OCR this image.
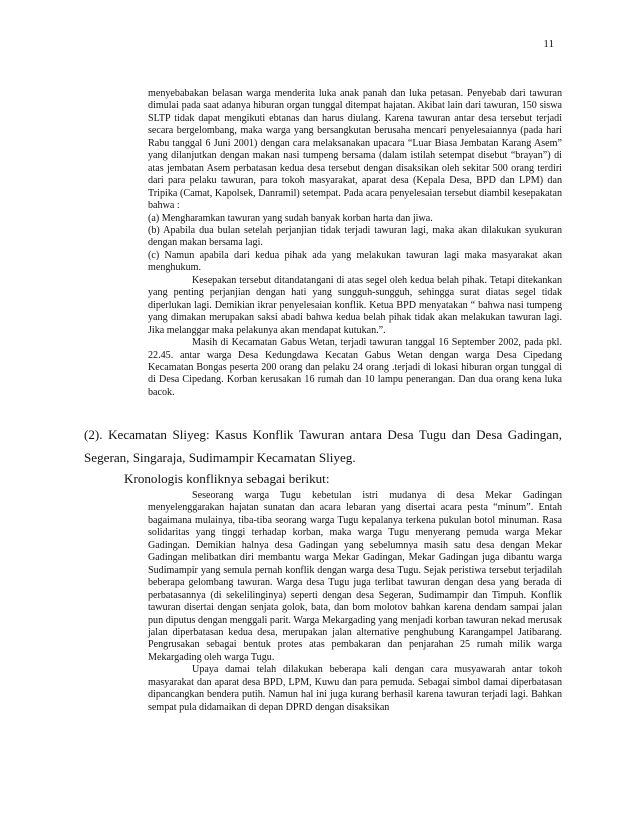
11

menyebabakan belasan warga menderita luka anak panah dan luka petasan. Penyebab dari tawuran dimulai pada saat adanya hiburan organ tunggal ditempat hajatan. Akibat lain dari tawuran, 150 siswa SLTP tidak dapat mengikuti ebtanas dan harus diulang. Karena tawuran antar desa tersebut terjadi secara bergelombang, maka warga yang bersangkutan berusaha mencari penyelesaiannya (pada hari Rabu tanggal 6 Juni 2001) dengan cara melaksanakan upacara “Luar Biasa Jembatan Karang Asem” yang dilanjutkan dengan makan nasi tumpeng bersama (dalam istilah setempat disebut “brayan”) di atas jembatan Asem perbatasan kedua desa tersebut dengan disaksikan oleh sekitar 500 orang terdiri dari para pelaku tawuran, para tokoh masyarakat, aparat desa (Kepala Desa, BPD dan LPM) dan Tripika (Camat, Kapolsek, Danramil) setempat. Pada acara penyelesaian tersebut diambil kesepakatan bahwa :

(a) Mengharamkan tawuran yang sudah banyak korban harta dan jiwa.

(b) Apabila dua bulan setelah perjanjian tidak terjadi tawuran lagi, maka akan dilakukan syukuran dengan makan bersama lagi.

(c) Namun apabila dari kedua pihak ada yang melakukan tawuran lagi maka masyarakat akan menghukum.

Kesepakan tersebut ditandatangani di atas segel oleh kedua belah pihak. Tetapi ditekankan yang penting perjanjian dengan hati yang sungguh-sungguh, sehingga surat diatas segel tidak diperlukan lagi. Demikian ikrar penyelesaian konflik. Ketua BPD menyatakan “ bahwa nasi tumpeng yang dimakan merupakan saksi abadi bahwa kedua belah pihak tidak akan melakukan tawuran lagi. Jika melanggar maka pelakunya akan mendapat kutukan.”.

Masih di Kecamatan Gabus Wetan, terjadi tawuran tanggal 16 September 2002, pada pkl. 22.45. antar warga Desa Kedungdawa Kecatan Gabus Wetan dengan warga Desa Cipedang Kecamatan Bongas peserta 200 orang dan pelaku 24 orang .terjadi di lokasi hiburan organ tunggal di di Desa Cipedang. Korban kerusakan 16 rumah dan 10 lampu penerangan. Dan dua orang kena luka bacok.

(2). Kecamatan Sliyeg: Kasus Konflik Tawuran antara Desa Tugu dan Desa Gadingan, Segeran, Singaraja, Sudimampir Kecamatan Sliyeg.

Kronologis konfliknya sebagai berikut:

Seseorang warga Tugu kebetulan istri mudanya di desa Mekar Gadingan menyelenggarakan hajatan sunatan dan acara lebaran yang disertai acara pesta “minum”. Entah bagaimana mulainya, tiba-tiba seorang warga Tugu kepalanya terkena pukulan botol minuman. Rasa solidaritas yang tinggi terhadap korban, maka warga Tugu menyerang pemuda warga Mekar Gadingan. Demikian halnya desa Gadingan yang sebelumnya masih satu desa dengan Mekar Gadingan melibatkan diri membantu warga Mekar Gadingan, Mekar Gadingan juga dibantu warga Sudimampir yang semula pernah konflik dengan warga desa Tugu. Sejak peristiwa tersebut terjadilah beberapa gelombang tawuran. Warga desa Tugu juga terlibat tawuran dengan desa yang berada di perbatasannya (di sekelilinginya) seperti dengan desa Segeran, Sudimampir dan Timpuh. Konflik tawuran disertai dengan senjata golok, bata, dan bom molotov bahkan karena dendam sampai jalan pun diputus dengan menggali parit. Warga Mekargading yang menjadi korban tawuran nekad merusak jalan diperbatasan kedua desa, merupakan jalan alternative penghubung Karangampel Jatibarang. Pengrusakan sebagai bentuk protes atas pembakaran dan penjarahan 25 rumah milik warga Mekargading oleh warga Tugu.

Upaya damai telah dilakukan beberapa kali dengan cara musyawarah antar tokoh masyarakat dan aparat desa BPD, LPM, Kuwu dan para pemuda. Sebagai simbol damai diperbatasan dipancangkan bendera putih. Namun hal ini juga kurang berhasil karena tawuran terjadi lagi. Bahkan sempat pula didamaikan di depan DPRD dengan disaksikan
